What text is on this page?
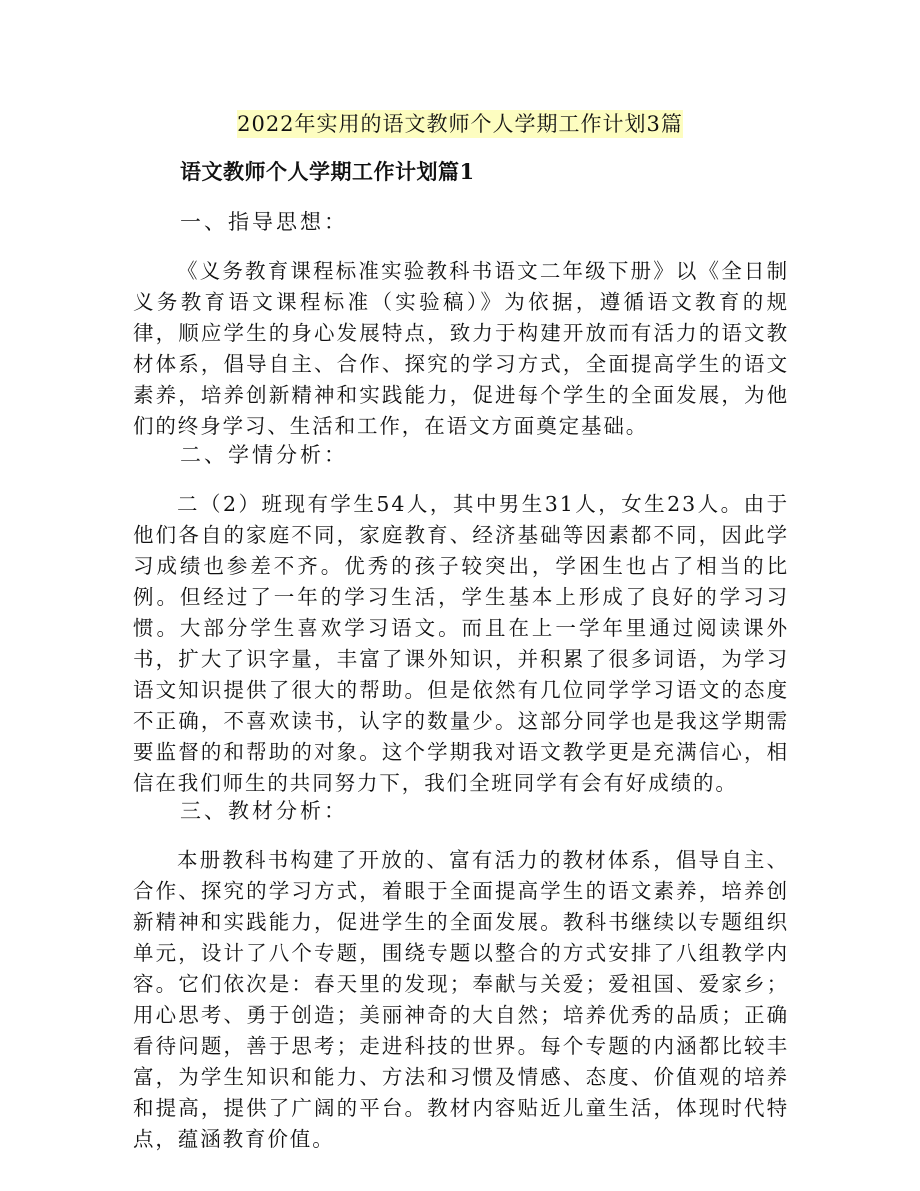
2022年实用的语文教师个人学期工作计划3篇
语文教师个人学期工作计划篇1
一、指导思想：
《义务教育课程标准实验教科书语文二年级下册》以《全日制义务教育语文课程标准（实验稿）》为依据，遵循语文教育的规律，顺应学生的身心发展特点，致力于构建开放而有活力的语文教材体系，倡导自主、合作、探究的学习方式，全面提高学生的语文素养，培养创新精神和实践能力，促进每个学生的全面发展，为他们的终身学习、生活和工作，在语文方面奠定基础。
二、学情分析：
二（2）班现有学生54人，其中男生31人，女生23人。由于他们各自的家庭不同，家庭教育、经济基础等因素都不同，因此学习成绩也参差不齐。优秀的孩子较突出，学困生也占了相当的比例。但经过了一年的学习生活，学生基本上形成了良好的学习习惯。大部分学生喜欢学习语文。而且在上一学年里通过阅读课外书，扩大了识字量，丰富了课外知识，并积累了很多词语，为学习语文知识提供了很大的帮助。但是依然有几位同学学习语文的态度不正确，不喜欢读书，认字的数量少。这部分同学也是我这学期需要监督的和帮助的对象。这个学期我对语文教学更是充满信心，相信在我们师生的共同努力下，我们全班同学有会有好成绩的。
三、教材分析：
本册教科书构建了开放的、富有活力的教材体系，倡导自主、合作、探究的学习方式，着眼于全面提高学生的语文素养，培养创新精神和实践能力，促进学生的全面发展。教科书继续以专题组织单元，设计了八个专题，围绕专题以整合的方式安排了八组教学内容。它们依次是：春天里的发现；奉献与关爱；爱祖国、爱家乡；用心思考、勇于创造；美丽神奇的大自然；培养优秀的品质；正确看待问题，善于思考；走进科技的世界。每个专题的内涵都比较丰富，为学生知识和能力、方法和习惯及情感、态度、价值观的培养和提高，提供了广阔的平台。教材内容贴近儿童生活，体现时代特点，蕴涵教育价值。
